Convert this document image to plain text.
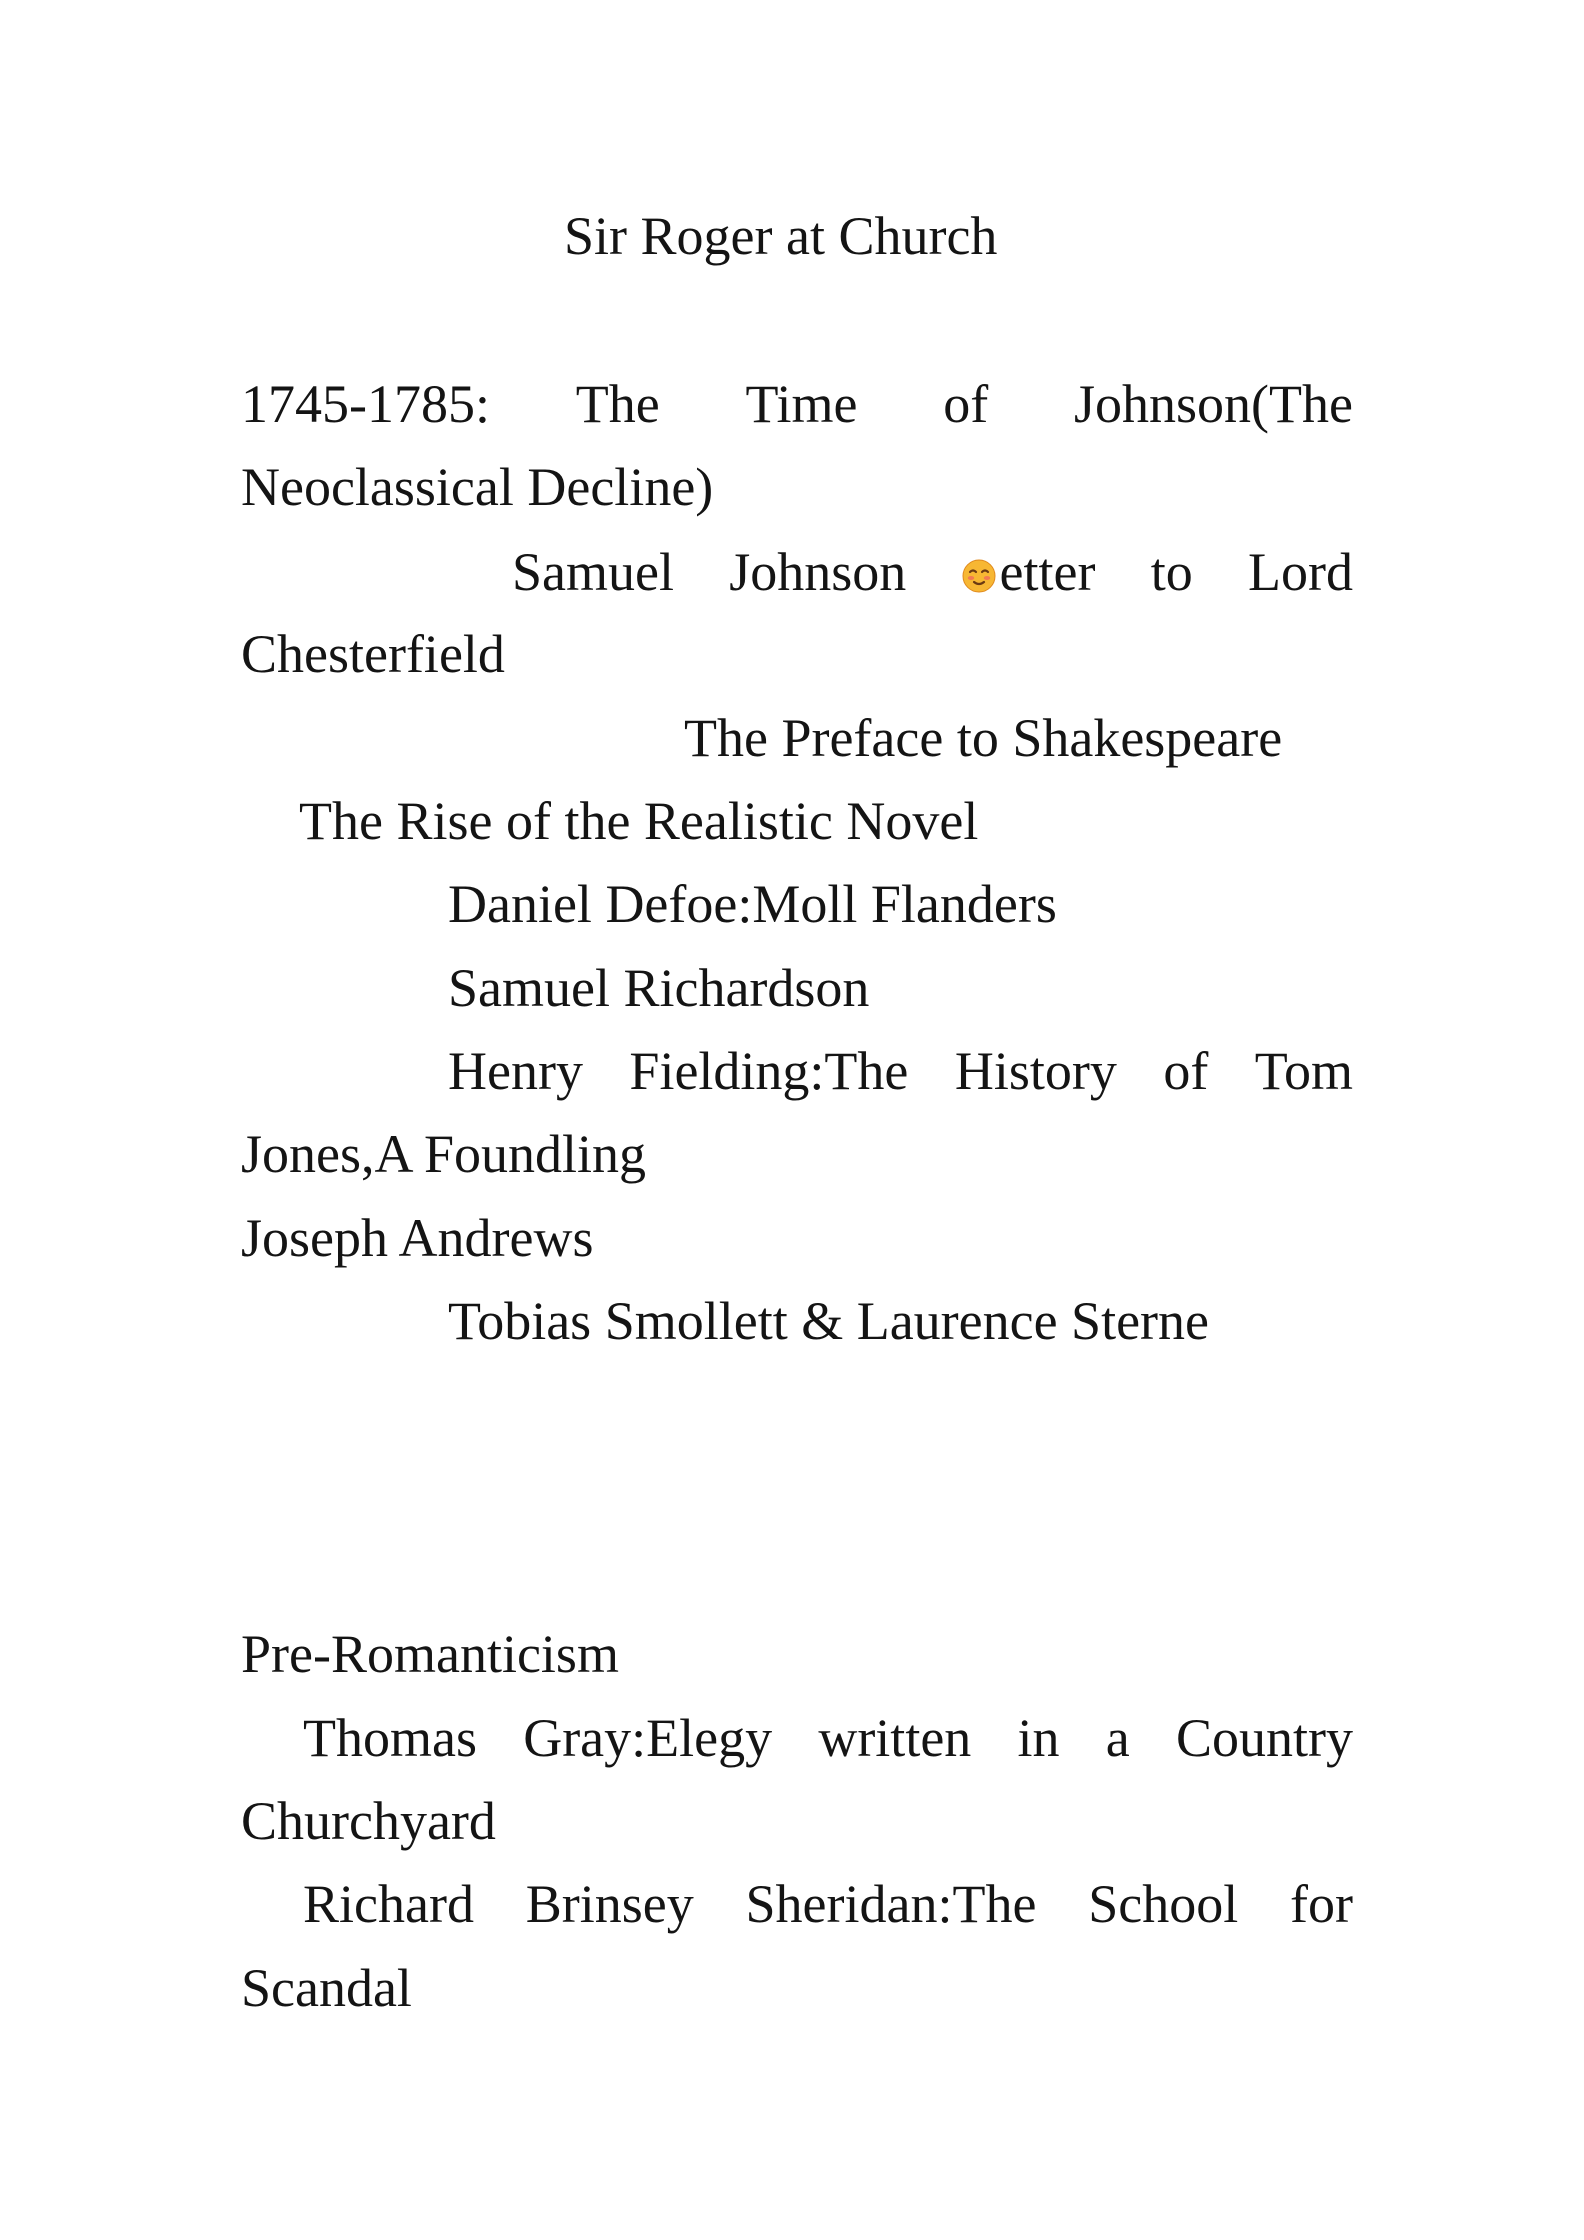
Sir Roger at Church
1745-1785: The Time of Johnson(The
Neoclassical Decline)
Samuel Johnson	etter to Lord
Chesterfield
The Preface to Shakespeare
The Rise of the Realistic Novel
Daniel Defoe:Moll Flanders
Samuel Richardson
Henry Fielding:The History of Tom
Jones,A Foundling
Joseph Andrews
Tobias Smollett & Laurence Sterne
Pre-Romanticism
Thomas Gray:Elegy written in a Country
Churchyard
Richard Brinsey Sheridan:The School for
Scandal
